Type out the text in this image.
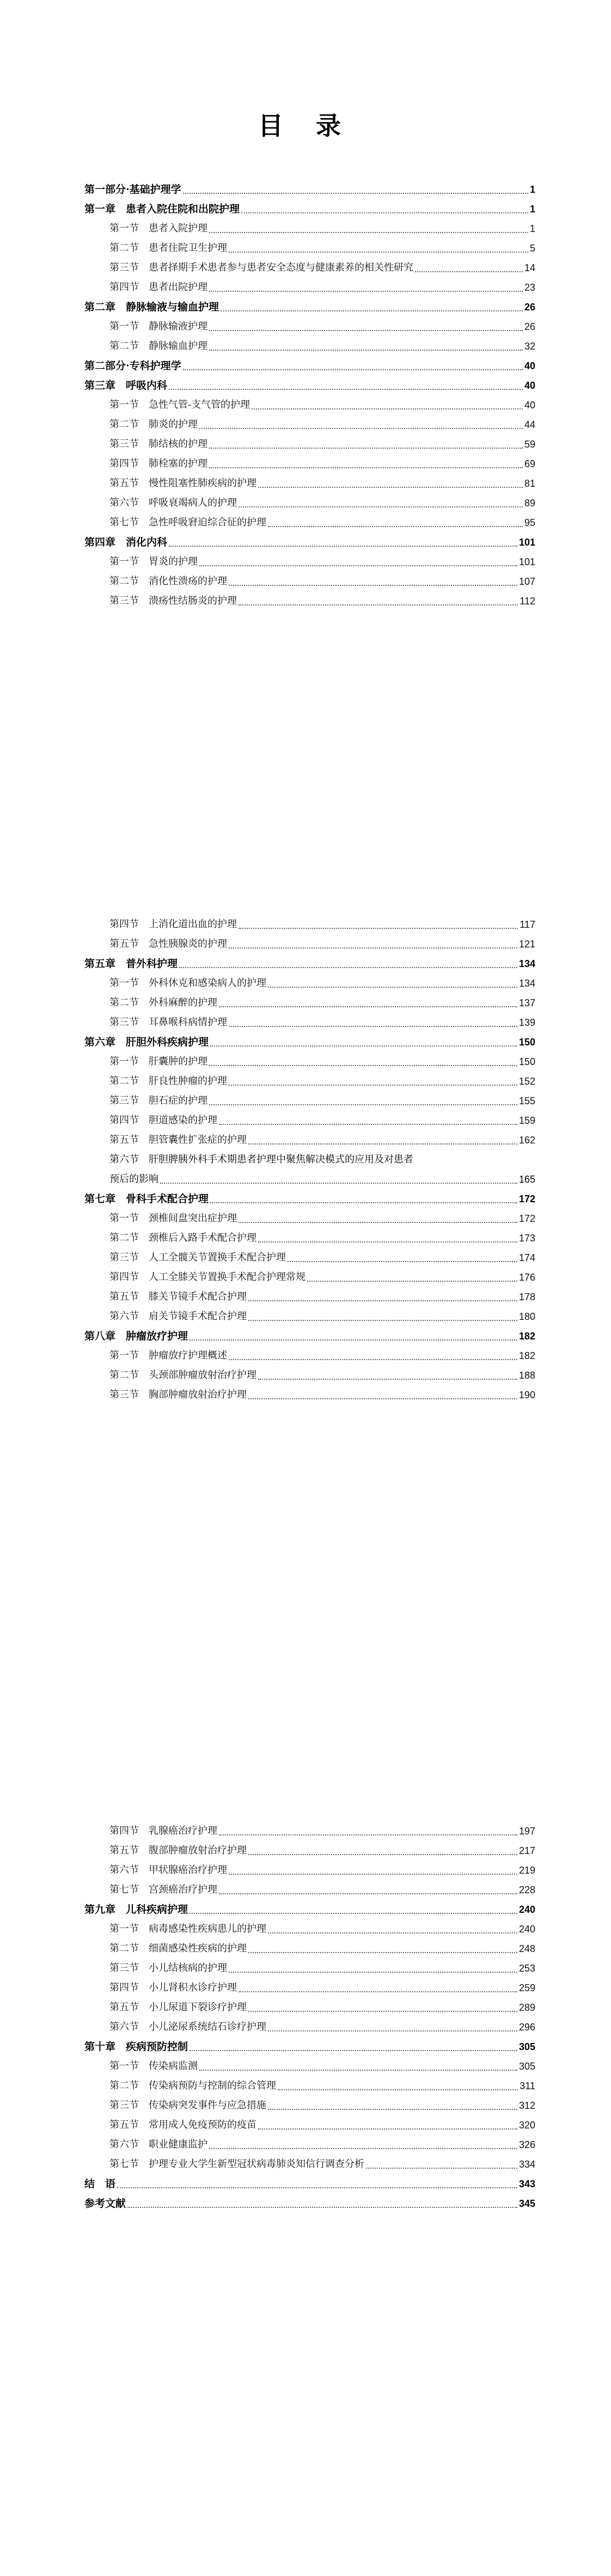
目 录
第一部分·基础护理学	1
第一章　患者入院住院和出院护理	1
第一节　患者入院护理	1
第二节　患者住院卫生护理	5
第三节　患者择期手术患者参与患者安全态度与健康素养的相关性研究	14
第四节　患者出院护理	23
第二章　静脉输液与输血护理	26
第一节　静脉输液护理	26
第二节　静脉输血护理	32
第二部分·专科护理学	40
第三章　呼吸内科	40
第一节　急性气管-支气管的护理	40
第二节　肺炎的护理	44
第三节　肺结核的护理	59
第四节　肺栓塞的护理	69
第五节　慢性阻塞性肺疾病的护理	81
第六节　呼吸衰竭病人的护理	89
第七节　急性呼吸窘迫综合征的护理	95
第四章　消化内科	101
第一节　胃炎的护理	101
第二节　消化性溃疡的护理	107
第三节　溃疡性结肠炎的护理	112
第四节　上消化道出血的护理	117
第五节　急性胰腺炎的护理	121
第五章　普外科护理	134
第一节　外科休克和感染病人的护理	134
第二节　外科麻醉的护理	137
第三节　耳鼻喉科病情护理	139
第六章　肝胆外科疾病护理	150
第一节　肝囊肿的护理	150
第二节　肝良性肿瘤的护理	152
第三节　胆石症的护理	155
第四节　胆道感染的护理	159
第五节　胆管囊性扩张症的护理	162
第六节　肝胆脾胰外科手术期患者护理中聚焦解决模式的应用及对患者
预后的影响	165
第七章　骨科手术配合护理	172
第一节　颈椎间盘突出症护理	172
第二节　颈椎后入路手术配合护理	173
第三节　人工全髋关节置换手术配合护理	174
第四节　人工全膝关节置换手术配合护理常规	176
第五节　膝关节镜手术配合护理	178
第六节　肩关节镜手术配合护理	180
第八章　肿瘤放疗护理	182
第一节　肿瘤放疗护理概述	182
第二节　头颈部肿瘤放射治疗护理	188
第三节　胸部肿瘤放射治疗护理	190
第四节　乳腺癌治疗护理	197
第五节　腹部肿瘤放射治疗护理	217
第六节　甲状腺癌治疗护理	219
第七节　宫颈癌治疗护理	228
第九章　儿科疾病护理	240
第一节　病毒感染性疾病患儿的护理	240
第二节　细菌感染性疾病的护理	248
第三节　小儿结核病的护理	253
第四节　小儿肾积水诊疗护理	259
第五节　小儿尿道下裂诊疗护理	289
第六节　小儿泌尿系统结石诊疗护理	296
第十章　疾病预防控制	305
第一节　传染病监测	305
第二节　传染病预防与控制的综合管理	311
第三节　传染病突发事件与应急措施	312
第五节　常用成人免疫预防的疫苗	320
第六节　职业健康监护	326
第七节　护理专业大学生新型冠状病毒肺炎知信行调查分析	334
结　语	343
参考文献	345
